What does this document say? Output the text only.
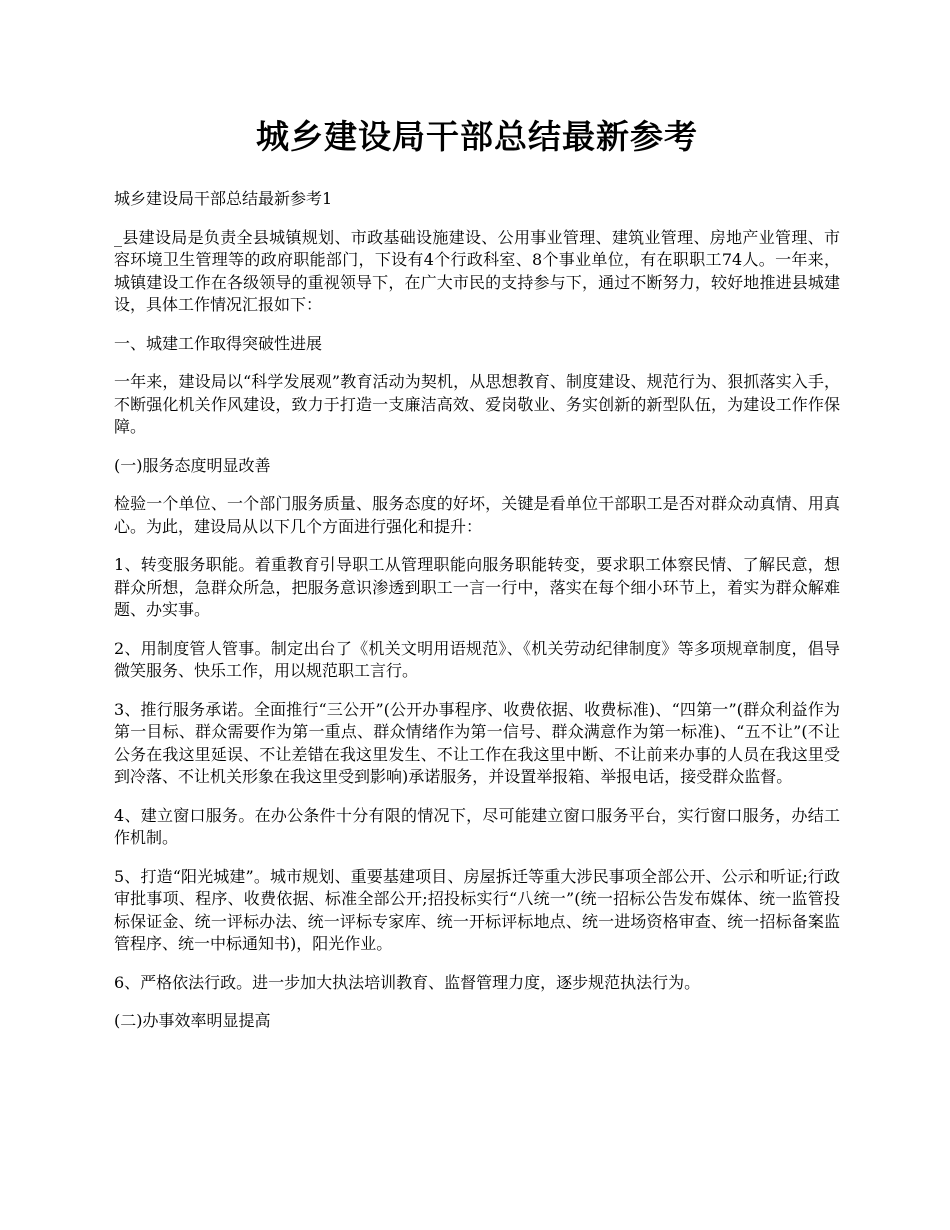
城乡建设局干部总结最新参考

城乡建设局干部总结最新参考1

_县建设局是负责全县城镇规划、市政基础设施建设、公用事业管理、建筑业管理、房地产业管理、市容环境卫生管理等的政府职能部门，下设有4个行政科室、8个事业单位，有在职职工74人。一年来，城镇建设工作在各级领导的重视领导下，在广大市民的支持参与下，通过不断努力，较好地推进县城建设，具体工作情况汇报如下：

一、城建工作取得突破性进展

一年来，建设局以“科学发展观”教育活动为契机，从思想教育、制度建设、规范行为、狠抓落实入手，不断强化机关作风建设，致力于打造一支廉洁高效、爱岗敬业、务实创新的新型队伍，为建设工作作保障。

(一)服务态度明显改善

检验一个单位、一个部门服务质量、服务态度的好坏，关键是看单位干部职工是否对群众动真情、用真心。为此，建设局从以下几个方面进行强化和提升：

1、转变服务职能。着重教育引导职工从管理职能向服务职能转变，要求职工体察民情、了解民意，想群众所想，急群众所急，把服务意识渗透到职工一言一行中，落实在每个细小环节上，着实为群众解难题、办实事。

2、用制度管人管事。制定出台了《机关文明用语规范》、《机关劳动纪律制度》等多项规章制度，倡导微笑服务、快乐工作，用以规范职工言行。

3、推行服务承诺。全面推行“三公开”(公开办事程序、收费依据、收费标准)、“四第一”(群众利益作为第一目标、群众需要作为第一重点、群众情绪作为第一信号、群众满意作为第一标准)、“五不让”(不让公务在我这里延误、不让差错在我这里发生、不让工作在我这里中断、不让前来办事的人员在我这里受到冷落、不让机关形象在我这里受到影响)承诺服务，并设置举报箱、举报电话，接受群众监督。

4、建立窗口服务。在办公条件十分有限的情况下，尽可能建立窗口服务平台，实行窗口服务，办结工作机制。

5、打造“阳光城建”。城市规划、重要基建项目、房屋拆迁等重大涉民事项全部公开、公示和听证;行政审批事项、程序、收费依据、标准全部公开;招投标实行“八统一”(统一招标公告发布媒体、统一监管投标保证金、统一评标办法、统一评标专家库、统一开标评标地点、统一进场资格审查、统一招标备案监管程序、统一中标通知书)，阳光作业。

6、严格依法行政。进一步加大执法培训教育、监督管理力度，逐步规范执法行为。

(二)办事效率明显提高
